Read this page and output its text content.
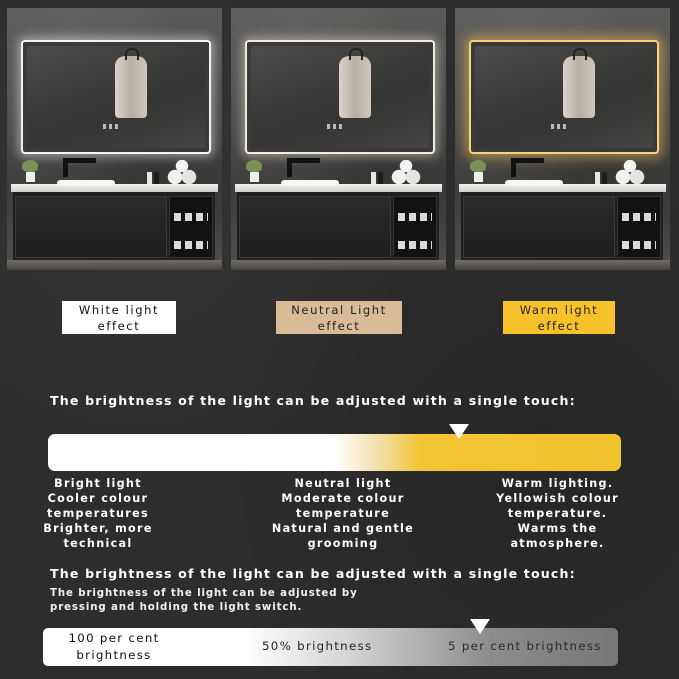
White light
effect
Neutral Light
effect
Warm light
effect
The brightness of the light can be adjusted with a single touch:
Bright light
Cooler colour
temperatures
Brighter, more
technical
Neutral light
Moderate colour
temperature
Natural and gentle
grooming
Warm lighting.
Yellowish colour
temperature.
Warms the
atmosphere.
The brightness of the light can be adjusted with a single touch:
The brightness of the light can be adjusted by pressing and holding the light switch.
100 per cent
brightness
50% brightness	5 per cent brightness
